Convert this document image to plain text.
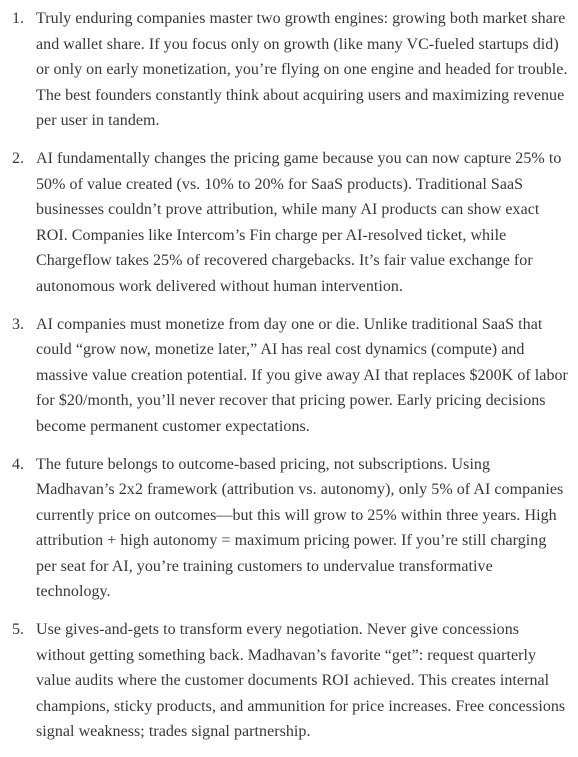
1. Truly enduring companies master two growth engines: growing both market share and wallet share. If you focus only on growth (like many VC-fueled startups did) or only on early monetization, you’re flying on one engine and headed for trouble. The best founders constantly think about acquiring users and maximizing revenue per user in tandem.
2. AI fundamentally changes the pricing game because you can now capture 25% to 50% of value created (vs. 10% to 20% for SaaS products). Traditional SaaS businesses couldn’t prove attribution, while many AI products can show exact ROI. Companies like Intercom’s Fin charge per AI-resolved ticket, while Chargeflow takes 25% of recovered chargebacks. It’s fair value exchange for autonomous work delivered without human intervention.
3. AI companies must monetize from day one or die. Unlike traditional SaaS that could “grow now, monetize later,” AI has real cost dynamics (compute) and massive value creation potential. If you give away AI that replaces $200K of labor for $20/month, you’ll never recover that pricing power. Early pricing decisions become permanent customer expectations.
4. The future belongs to outcome-based pricing, not subscriptions. Using Madhavan’s 2x2 framework (attribution vs. autonomy), only 5% of AI companies currently price on outcomes—but this will grow to 25% within three years. High attribution + high autonomy = maximum pricing power. If you’re still charging per seat for AI, you’re training customers to undervalue transformative technology.
5. Use gives-and-gets to transform every negotiation. Never give concessions without getting something back. Madhavan’s favorite “get”: request quarterly value audits where the customer documents ROI achieved. This creates internal champions, sticky products, and ammunition for price increases. Free concessions signal weakness; trades signal partnership.
